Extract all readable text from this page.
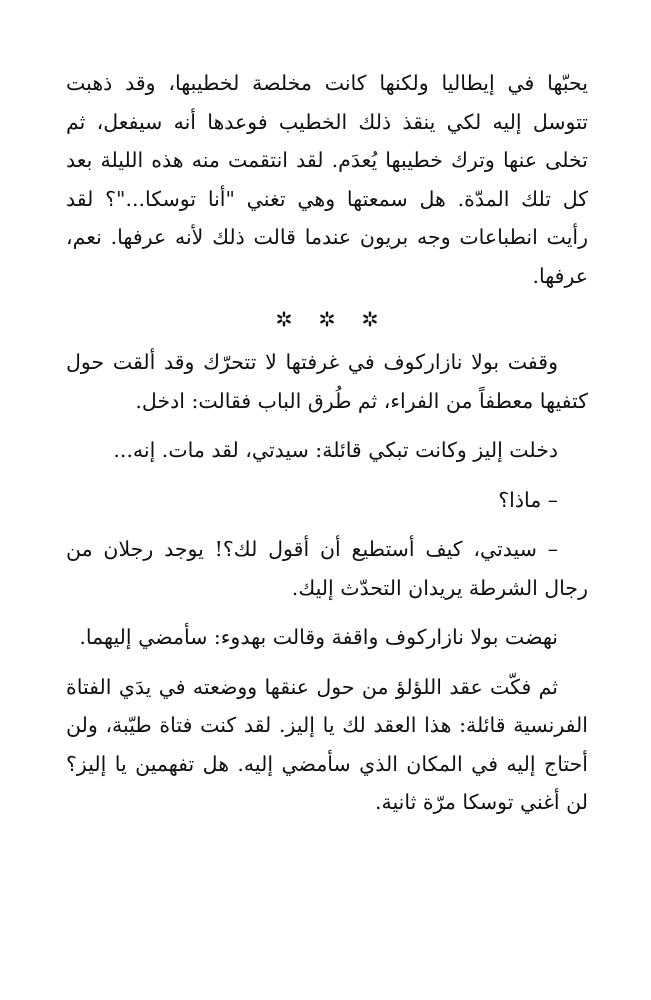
يحبّها في إيطاليا ولكنها كانت مخلصة لخطيبها، وقد ذهبت تتوسل إليه لكي ينقذ ذلك الخطيب فوعدها أنه سيفعل، ثم تخلى عنها وترك خطيبها يُعدَم. لقد انتقمت منه هذه الليلة بعد كل تلك المدّة. هل سمعتها وهي تغني "أنا توسكا..."؟ لقد رأيت انطباعات وجه بريون عندما قالت ذلك لأنه عرفها. نعم، عرفها.

وقفت بولا نازاركوف في غرفتها لا تتحرّك وقد ألقت حول كتفيها معطفاً من الفراء، ثم طُرق الباب فقالت: ادخل.

دخلت إليز وكانت تبكي قائلة: سيدتي، لقد مات. إنه...

– ماذا؟

– سيدتي، كيف أستطيع أن أقول لك؟! يوجد رجلان من رجال الشرطة يريدان التحدّث إليك.

نهضت بولا نازاركوف واقفة وقالت بهدوء: سأمضي إليهما.

ثم فكّت عقد اللؤلؤ من حول عنقها ووضعته في يدَي الفتاة الفرنسية قائلة: هذا العقد لك يا إليز. لقد كنت فتاة طيّبة، ولن أحتاج إليه في المكان الذي سأمضي إليه. هل تفهمين يا إليز؟ لن أغني توسكا مرّة ثانية.
